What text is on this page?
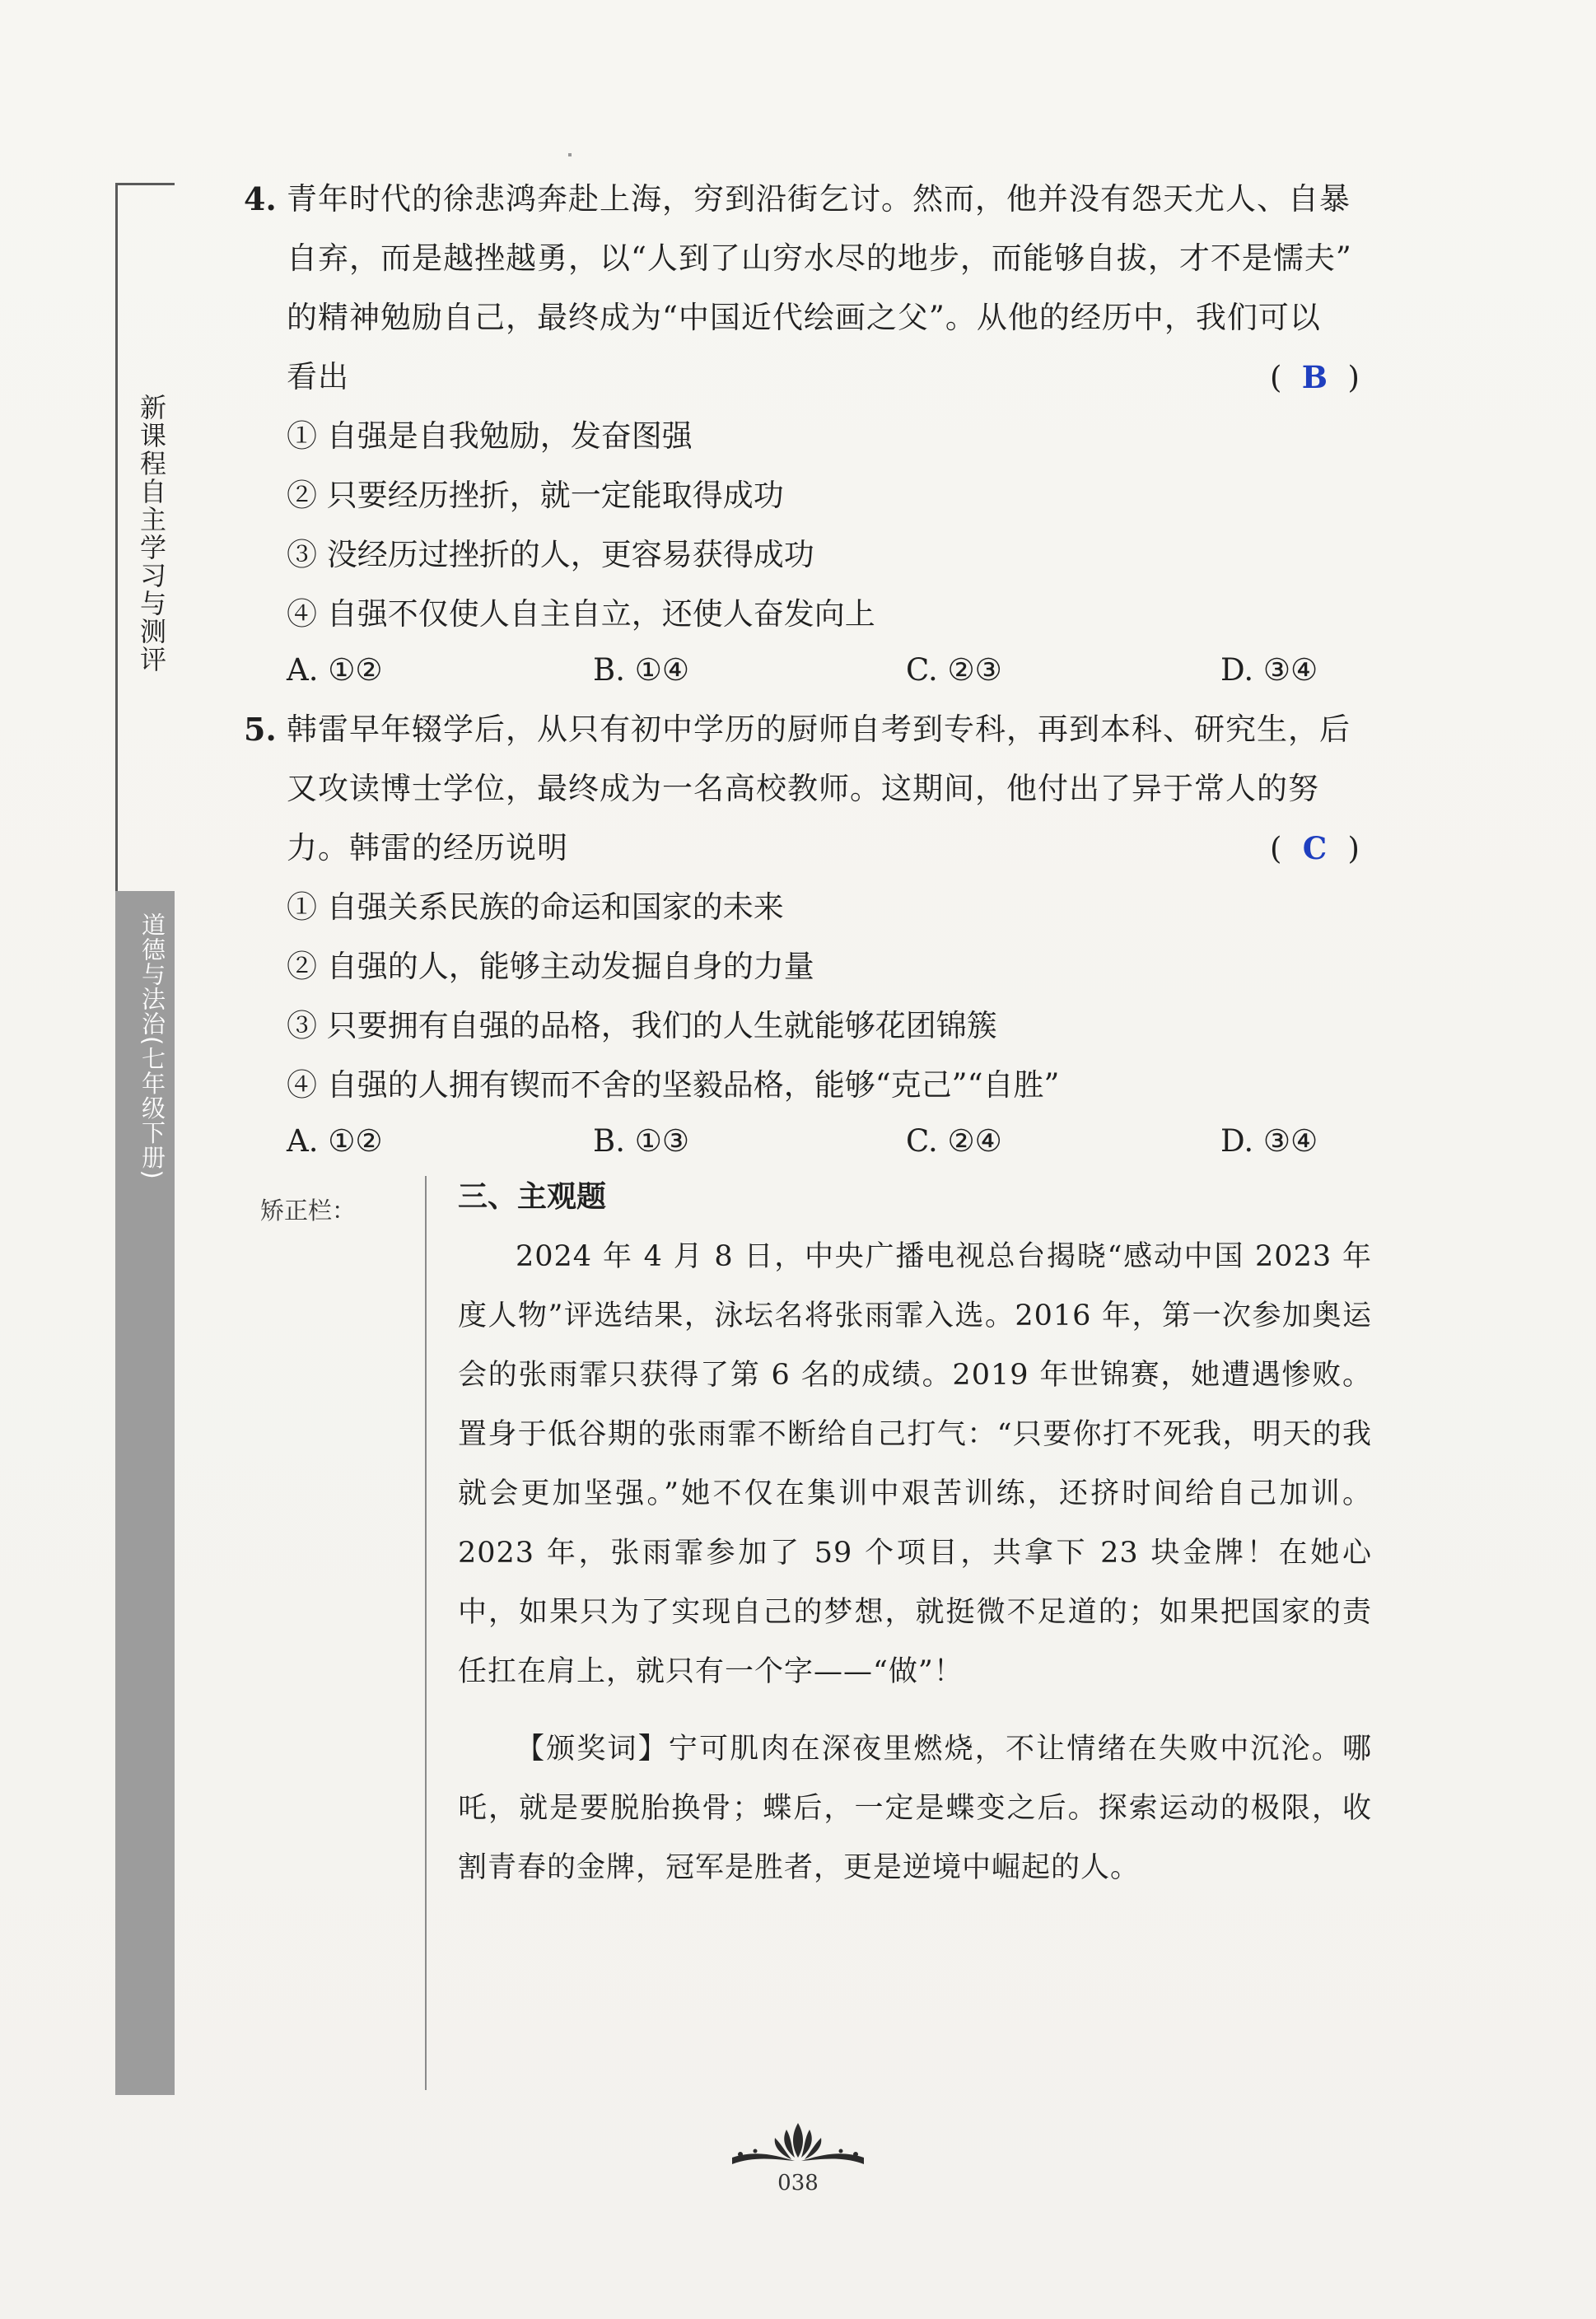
新课程自主学习与测评
道德与法治(七年级下册)
4. 青年时代的徐悲鸿奔赴上海，穷到沿街乞讨。然而，他并没有怨天尤人、自暴
自弃，而是越挫越勇，以“人到了山穷水尽的地步，而能够自拔，才不是懦夫”
的精神勉励自己，最终成为“中国近代绘画之父”。从他的经历中，我们可以
看出	( B )
① 自强是自我勉励，发奋图强
② 只要经历挫折，就一定能取得成功
③ 没经历过挫折的人，更容易获得成功
④ 自强不仅使人自主自立，还使人奋发向上
A. ①②	B. ①④	C. ②③	D. ③④
5. 韩雷早年辍学后，从只有初中学历的厨师自考到专科，再到本科、研究生，后
又攻读博士学位，最终成为一名高校教师。这期间，他付出了异于常人的努
力。韩雷的经历说明	( C )
① 自强关系民族的命运和国家的未来
② 自强的人，能够主动发掘自身的力量
③ 只要拥有自强的品格，我们的人生就能够花团锦簇
④ 自强的人拥有锲而不舍的坚毅品格，能够“克己”“自胜”
A. ①②	B. ①③	C. ②④	D. ③④
矫正栏：	三、主观题

2024 年 4 月 8 日，中央广播电视总台揭晓“感动中国 2023 年度人物”评选结果，泳坛名将张雨霏入选。2016 年，第一次参加奥运会的张雨霏只获得了第 6 名的成绩。2019 年世锦赛，她遭遇惨败。置身于低谷期的张雨霏不断给自己打气：“只要你打不死我，明天的我就会更加坚强。”她不仅在集训中艰苦训练，还挤时间给自己加训。2023 年，张雨霏参加了 59 个项目，共拿下 23 块金牌！在她心中，如果只为了实现自己的梦想，就挺微不足道的；如果把国家的责任扛在肩上，就只有一个字——“做”！

【颁奖词】宁可肌肉在深夜里燃烧，不让情绪在失败中沉沦。哪吒，就是要脱胎换骨；蝶后，一定是蝶变之后。探索运动的极限，收割青春的金牌，冠军是胜者，更是逆境中崛起的人。

038
